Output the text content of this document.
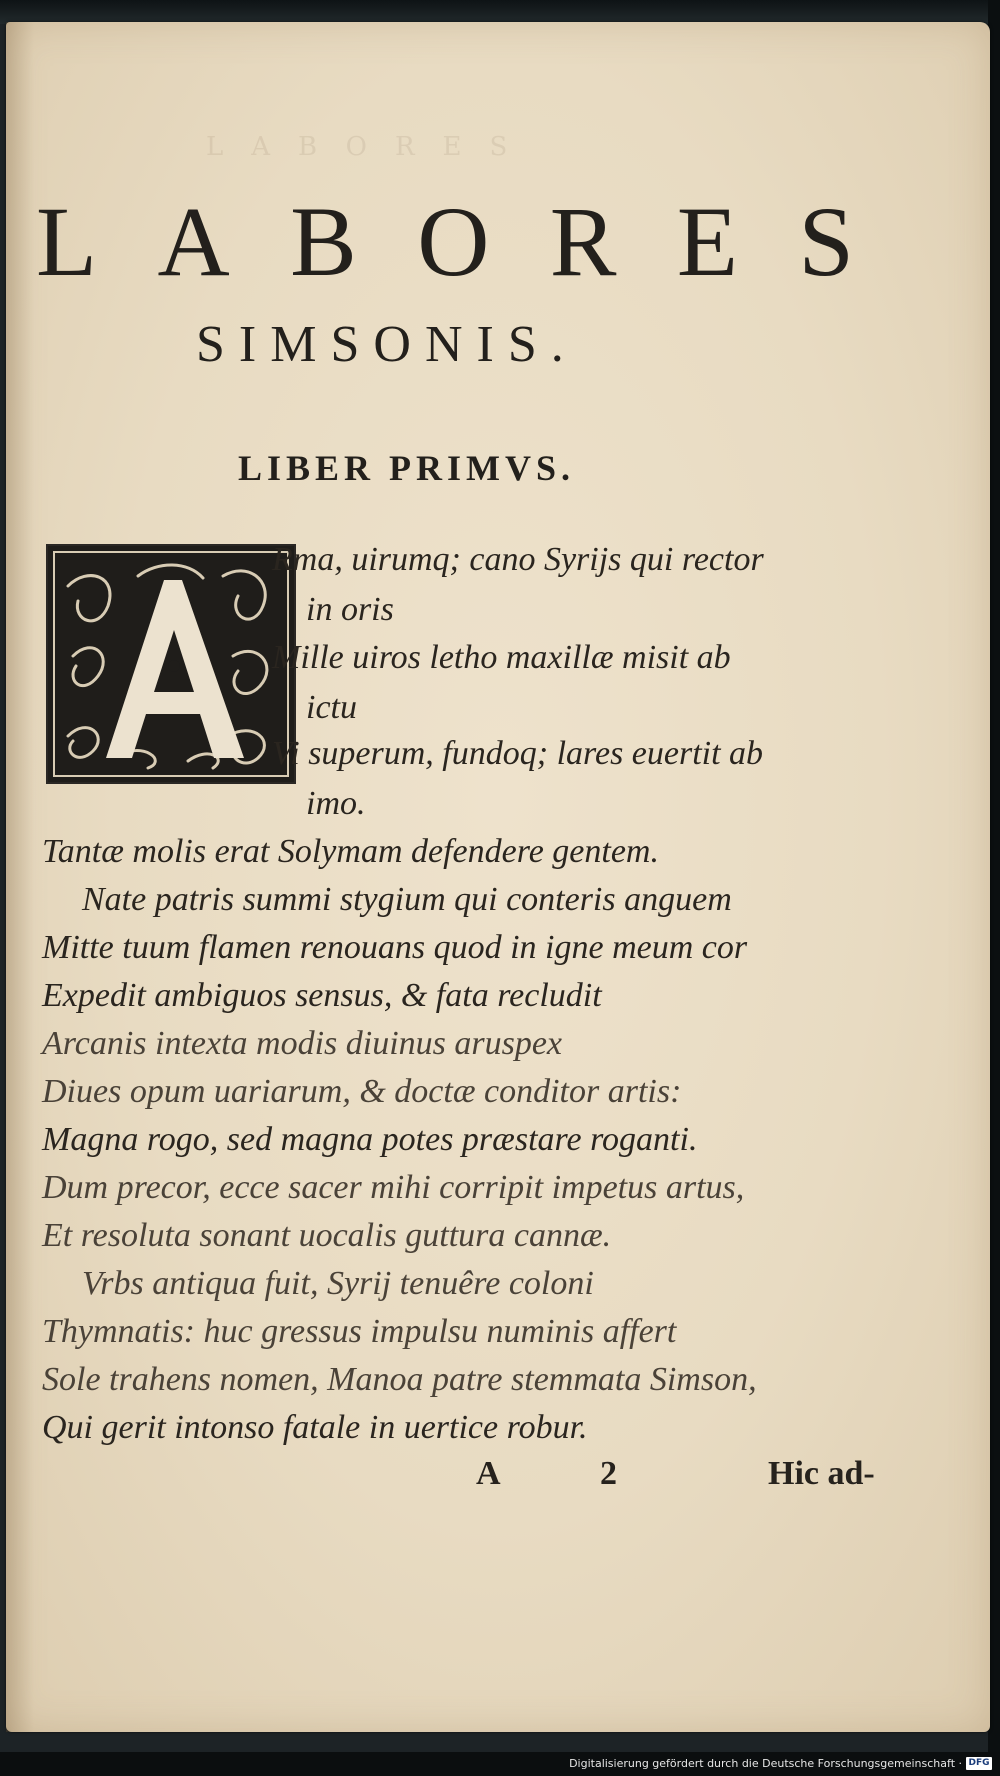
LABORES
L A B O R E S
SIMSONIS.
LIBER PRIMVS.

Rma, uirumq; cano Syrijs qui rector

in oris

Mille uiros letho maxillæ misit ab

ictu

Vi superum, fundoq; lares euertit ab

imo.

Tantæ molis erat Solymam defendere gentem.

Nate patris summi stygium qui conteris anguem

Mitte tuum flamen renouans quod in igne meum cor

Expedit ambiguos sensus, & fata recludit

Arcanis intexta modis diuinus aruspex

Diues opum uariarum, & doctæ conditor artis:

Magna rogo, sed magna potes præstare roganti.

Dum precor, ecce sacer mihi corripit impetus artus,

Et resoluta sonant uocalis guttura cannæ.

Vrbs antiqua fuit, Syrij tenuêre coloni

Thymnatis: huc gressus impulsu numinis affert

Sole trahens nomen, Manoa patre stemmata Simson,

Qui gerit intonso fatale in uertice robur.

A	2	Hic ad-
Digitalisierung gefördert durch die Deutsche Forschungsgemeinschaft · DFG
